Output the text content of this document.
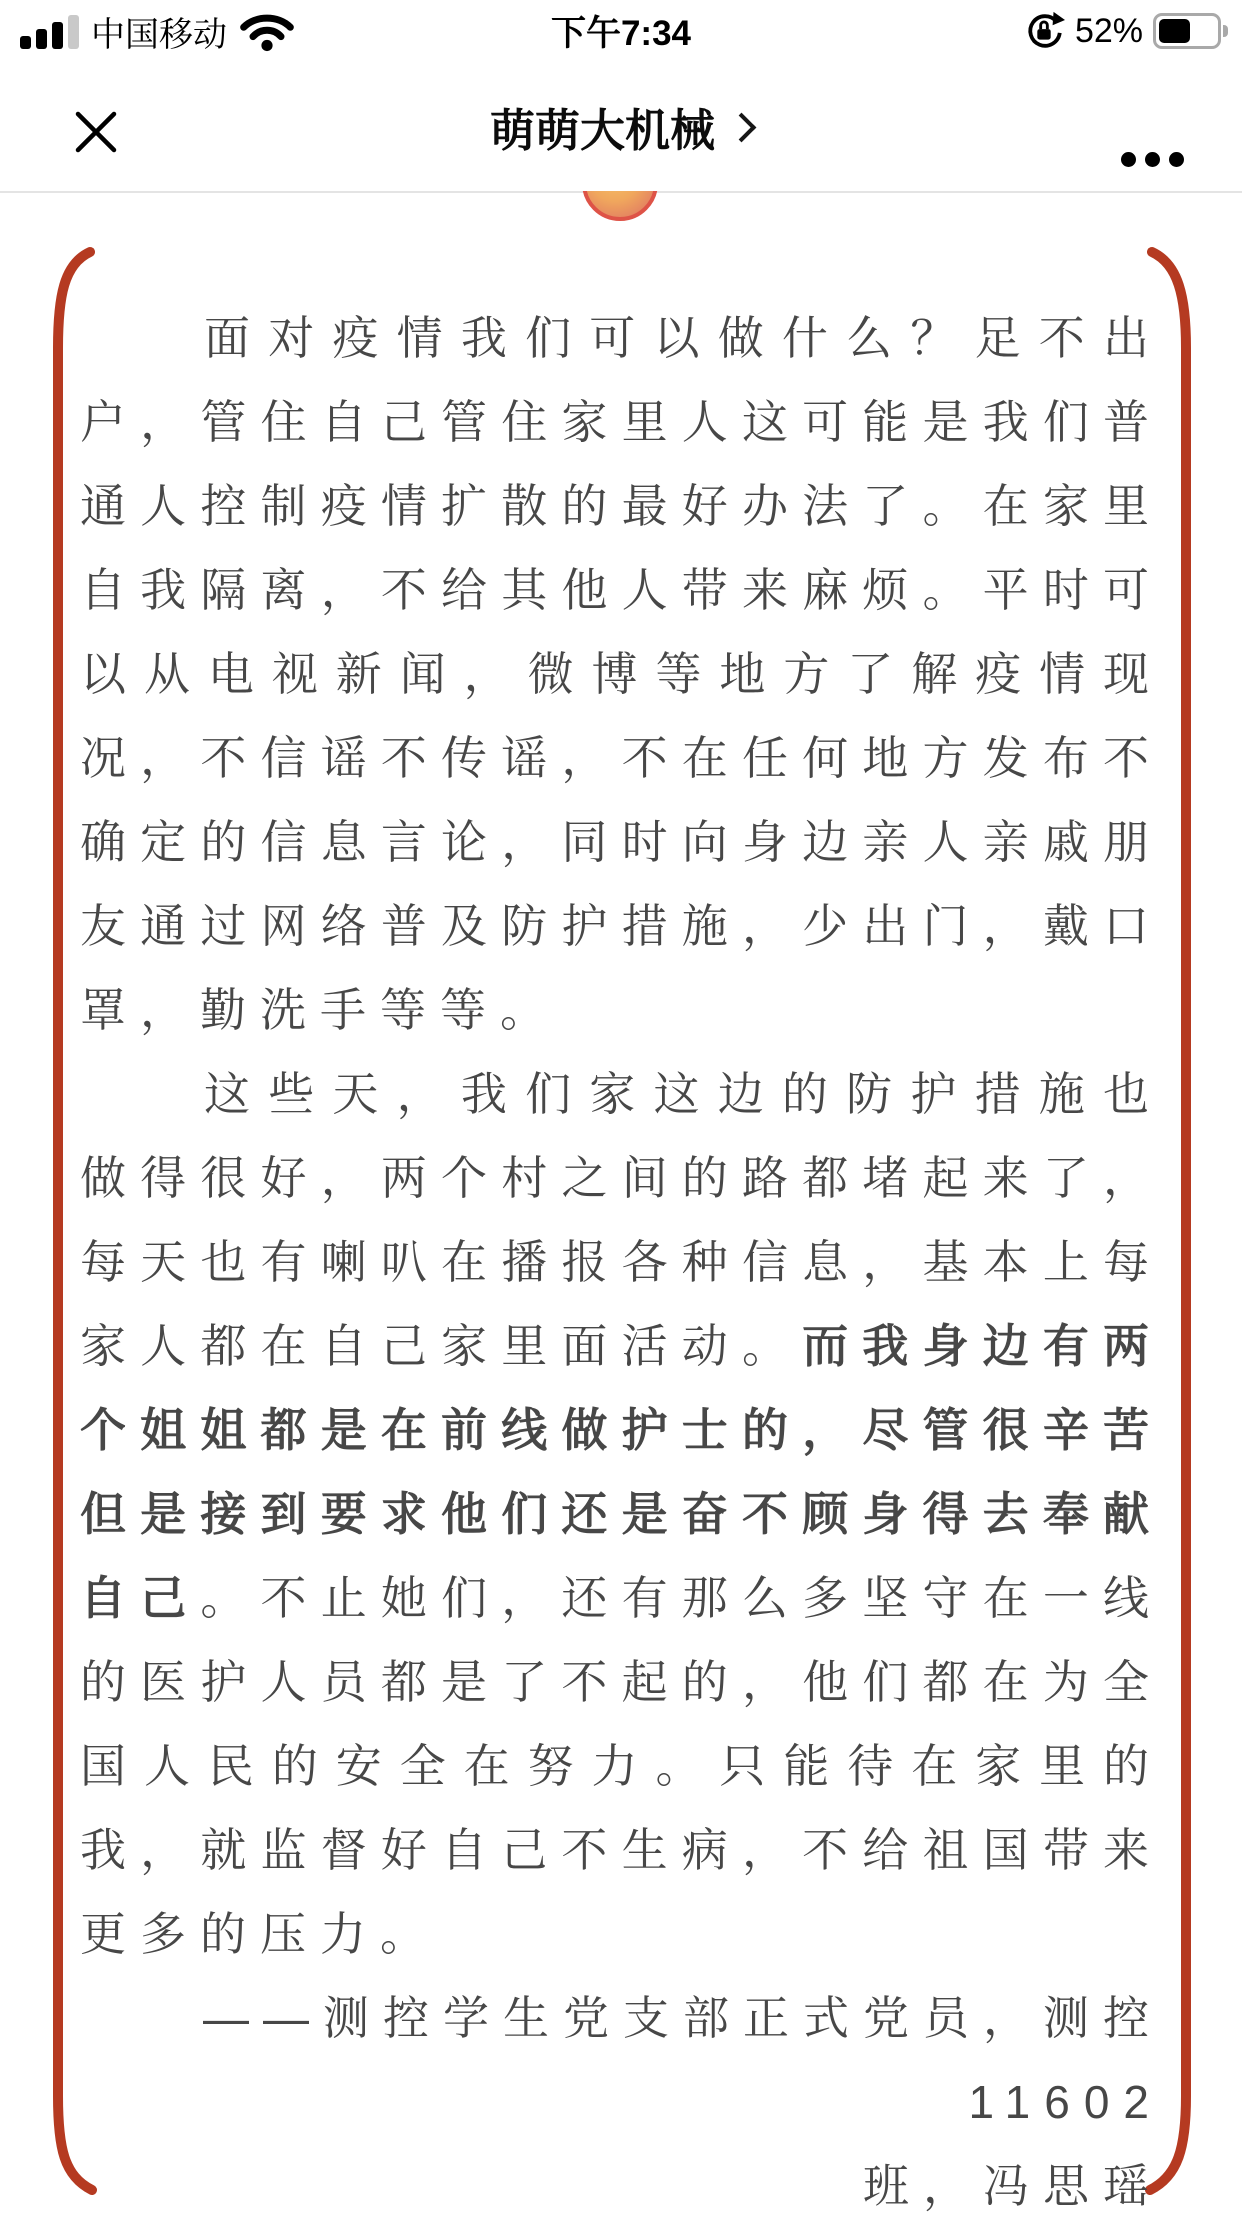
中国移动	下午7:34	52%
萌萌大机械

面对疫情我们可以做什么？足不出户，管住自己管住家里人这可能是我们普通人控制疫情扩散的最好办法了。在家里自我隔离，不给其他人带来麻烦。平时可以从电视新闻，微博等地方了解疫情现况，不信谣不传谣，不在任何地方发布不确定的信息言论，同时向身边亲人亲戚朋友通过网络普及防护措施，少出门，戴口罩，勤洗手等等。

这些天，我们家这边的防护措施也做得很好，两个村之间的路都堵起来了，每天也有喇叭在播报各种信息，基本上每家人都在自己家里面活动。而我身边有两个姐姐都是在前线做护士的，尽管很辛苦但是接到要求他们还是奋不顾身得去奉献自己。不止她们，还有那么多坚守在一线的医护人员都是了不起的，他们都在为全国人民的安全在努力。只能待在家里的我，就监督好自己不生病，不给祖国带来更多的压力。

——测控学生党支部正式党员，测控11602
班，冯思瑶
